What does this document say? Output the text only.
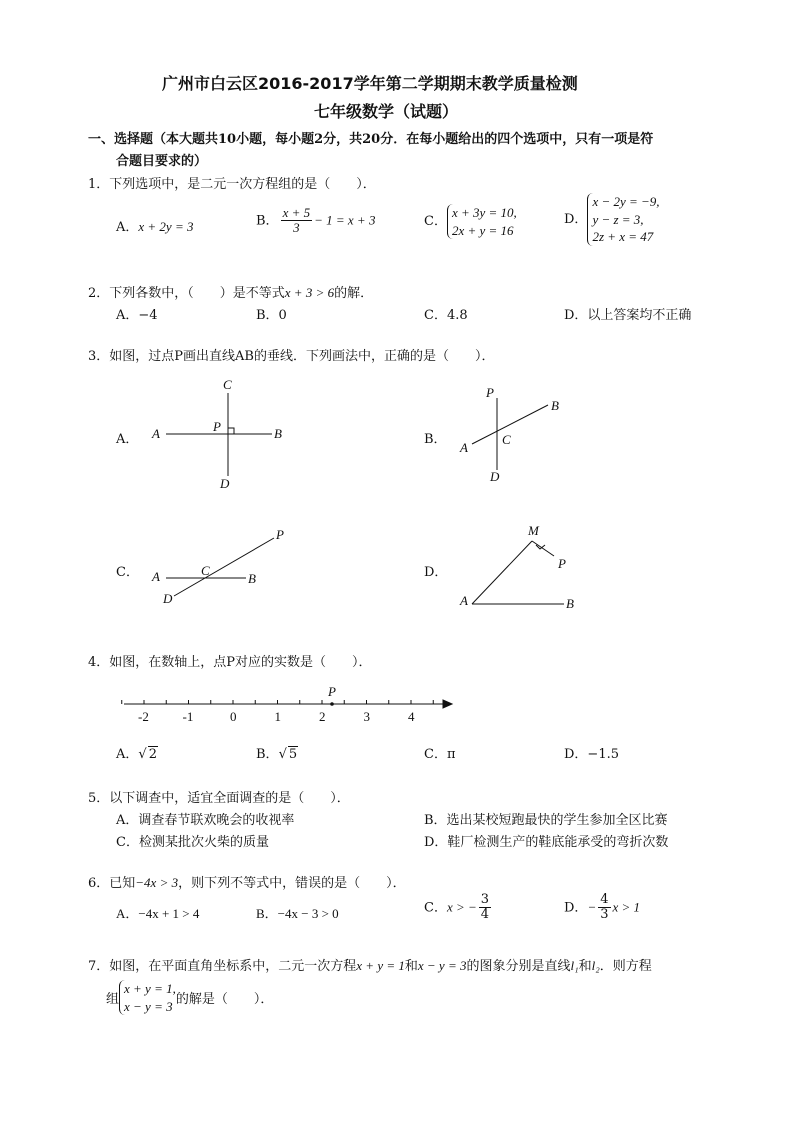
广州市白云区2016-2017学年第二学期期末教学质量检测
七年级数学（试题）
一、选择题（本大题共10小题，每小题2分，共20分．在每小题给出的四个选项中，只有一项是符
合题目要求的）
1．下列选项中，是二元一次方程组的是（　　）．
A．x + 2y = 3	B． $\frac{x + 5}{3} - 1 = x + 3$	C．x + 3y = 10,
2x + y = 16
D．x − 2y = −9,
y − z = 3,
2z + x = 47
2．下列各数中，（　　）是不等式x + 3 > 6的解．
A．−4	B．0	C．4.8	D．以上答案均不正确
3．如图，过点P画出直线AB的垂线．下列画法中，正确的是（　　）．
A．	B．
C．	D．
A	B
C
D
P
P
B
A
C
D
P
A	C
B
D
M
P
A	B
-2	-1	0	1	2	3	4
P
4．如图，在数轴上，点P对应的实数是（　　）．
A．√ 2	B．√ 5	C．π	D．−1.5
5．以下调查中，适宜全面调查的是（　　）．
A．调查春节联欢晚会的收视率	B．选出某校短跑最快的学生参加全区比赛
C．检测某批次火柴的质量	D．鞋厂检测生产的鞋底能承受的弯折次数
6．已知−4x > 3，则下列不等式中，错误的是（　　）．
A．−4x + 1 > 4	B．−4x − 3 > 0	C．x > − $\frac{3}{4}$	D．− $\frac{4}{3}$ x > 1
7．如图，在平面直角坐标系中，二元一次方程x + y = 1和x − y = 3的图象分别是直线l₁和l₂．则方程
组x + y = 1,
x − y = 3 的解是（　　）．
